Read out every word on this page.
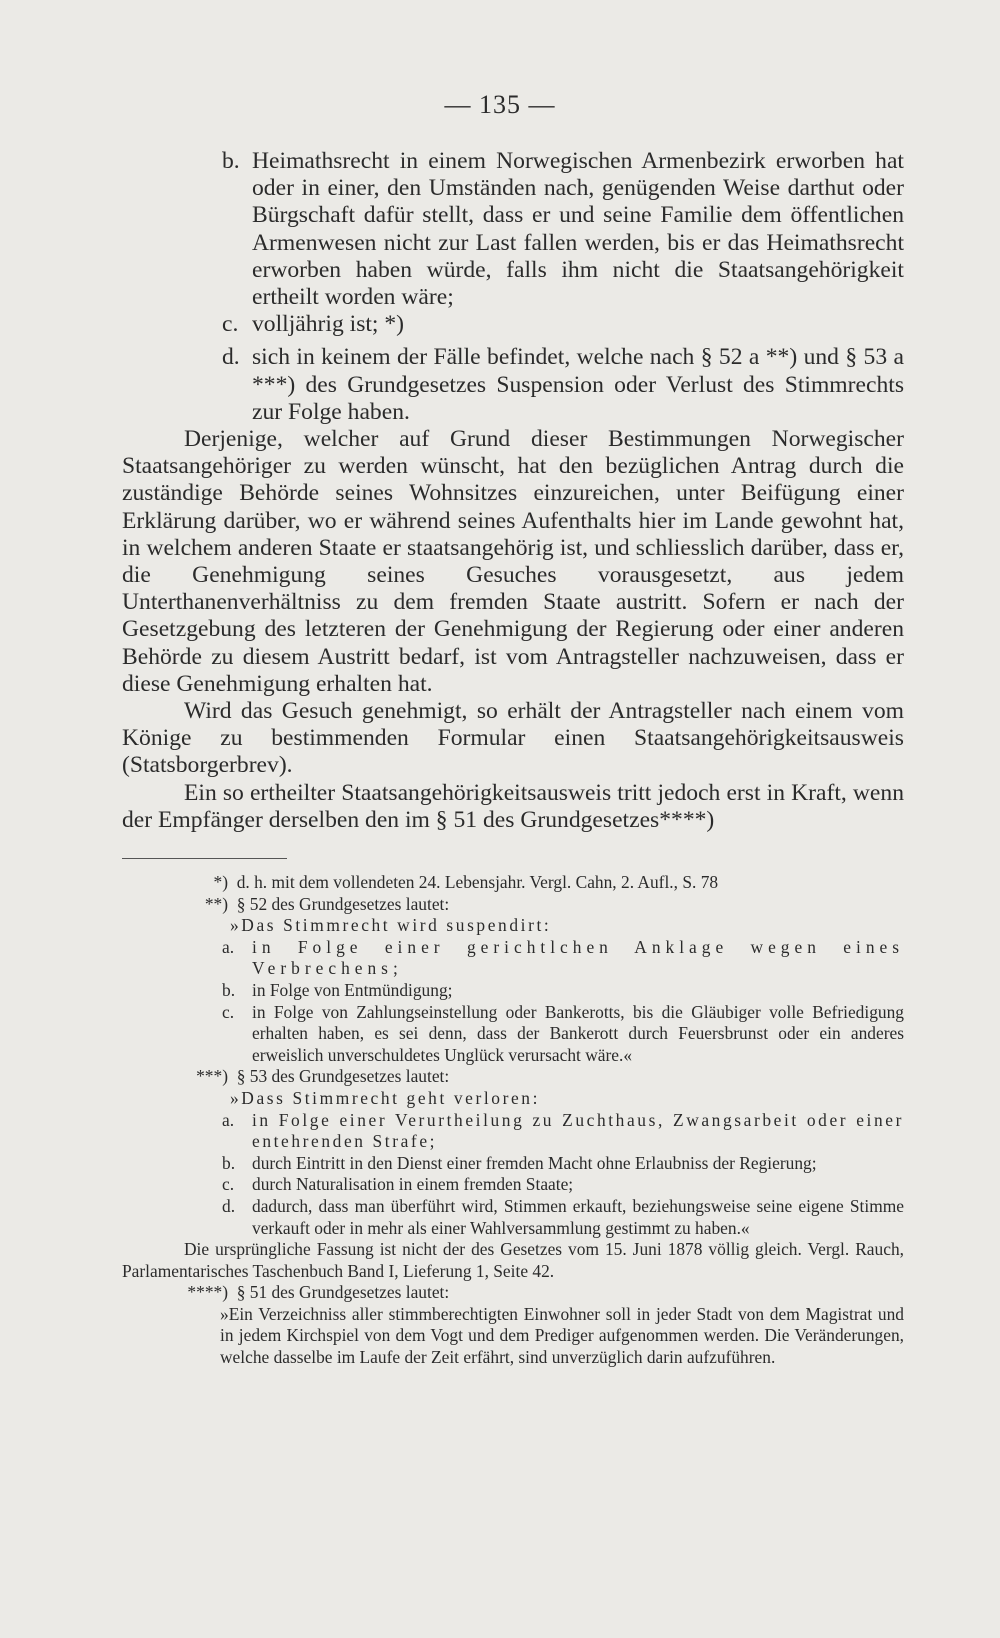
— 135 —
b. Heimathsrecht in einem Norwegischen Armenbezirk erworben hat oder in einer, den Umständen nach, genügenden Weise darthut oder Bürgschaft dafür stellt, dass er und seine Familie dem öffentlichen Armenwesen nicht zur Last fallen werden, bis er das Heimathsrecht erworben haben würde, falls ihm nicht die Staatsangehörigkeit ertheilt worden wäre;

c. volljährig ist; *)

d. sich in keinem der Fälle befindet, welche nach § 52 a **) und § 53 a ***) des Grundgesetzes Suspension oder Verlust des Stimmrechts zur Folge haben.

Derjenige, welcher auf Grund dieser Bestimmungen Norwegischer Staatsangehöriger zu werden wünscht, hat den bezüglichen Antrag durch die zuständige Behörde seines Wohnsitzes einzureichen, unter Beifügung einer Erklärung darüber, wo er während seines Aufenthalts hier im Lande gewohnt hat, in welchem anderen Staate er staatsangehörig ist, und schliesslich darüber, dass er, die Genehmigung seines Gesuches vorausgesetzt, aus jedem Unterthanenverhältniss zu dem fremden Staate austritt. Sofern er nach der Gesetzgebung des letzteren der Genehmigung der Regierung oder einer anderen Behörde zu diesem Austritt bedarf, ist vom Antragsteller nachzuweisen, dass er diese Genehmigung erhalten hat.

Wird das Gesuch genehmigt, so erhält der Antragsteller nach einem vom Könige zu bestimmenden Formular einen Staatsangehörigkeitsausweis (Statsborgerbrev).

Ein so ertheilter Staatsangehörigkeitsausweis tritt jedoch erst in Kraft, wenn der Empfänger derselben den im § 51 des Grundgesetzes****)

*) d. h. mit dem vollendeten 24. Lebensjahr. Vergl. Cahn, 2. Aufl., S. 78
**) § 52 des Grundgesetzes lautet:
»Das Stimmrecht wird suspendirt:
a. in Folge einer gerichtlchen Anklage wegen eines Verbrechens;
b. in Folge von Entmündigung;
c. in Folge von Zahlungseinstellung oder Bankerotts, bis die Gläubiger volle Befriedigung erhalten haben, es sei denn, dass der Bankerott durch Feuersbrunst oder ein anderes erweislich unverschuldetes Unglück verursacht wäre.«
***) § 53 des Grundgesetzes lautet:
»Dass Stimmrecht geht verloren:
a. in Folge einer Verurtheilung zu Zuchthaus, Zwangsarbeit oder einer entehrenden Strafe;
b. durch Eintritt in den Dienst einer fremden Macht ohne Erlaubniss der Regierung;
c. durch Naturalisation in einem fremden Staate;
d. dadurch, dass man überführt wird, Stimmen erkauft, beziehungsweise seine eigene Stimme verkauft oder in mehr als einer Wahlversammlung gestimmt zu haben.«

Die ursprüngliche Fassung ist nicht der des Gesetzes vom 15. Juni 1878 völlig gleich. Vergl. Rauch, Parlamentarisches Taschenbuch Band I, Lieferung 1, Seite 42.

****) § 51 des Grundgesetzes lautet:
»Ein Verzeichniss aller stimmberechtigten Einwohner soll in jeder Stadt von dem Magistrat und in jedem Kirchspiel von dem Vogt und dem Prediger aufgenommen werden. Die Veränderungen, welche dasselbe im Laufe der Zeit erfährt, sind unverzüglich darin aufzuführen.
